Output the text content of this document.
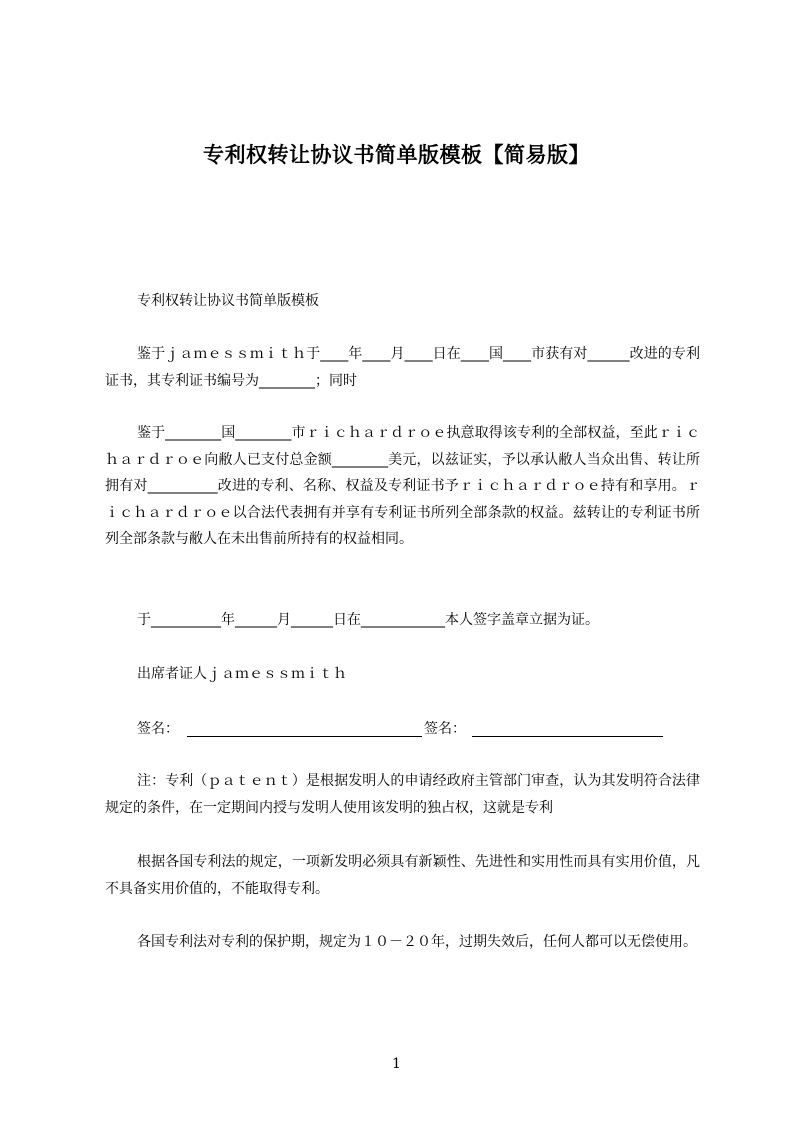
专利权转让协议书简单版模板【简易版】
专利权转让协议书简单版模板
鉴于ｊａｍｅｓｓｍｉｔｈ于____年____月____日在____国____市获有对______改进的专利证书，其专利证书编号为________；同时
鉴于________国________市ｒｉｃｈａｒｄｒｏｅ执意取得该专利的全部权益，至此ｒｉｃｈａｒｄｒｏｅ向敝人已支付总金额________美元，以兹证实，予以承认敝人当众出售、转让所拥有对__________改进的专利、名称、权益及专利证书予ｒｉｃｈａｒｄｒｏｅ持有和享用。ｒｉｃｈａｒｄｒｏｅ以合法代表拥有并享有专利证书所列全部条款的权益。兹转让的专利证书所列全部条款与敝人在未出售前所持有的权益相同。
于__________年______月______日在____________本人签字盖章立据为证。
出席者证人ｊａｍｅｓｓｍｉｔｈ
签名：	签名：
注：专利（ｐａｔｅｎｔ）是根据发明人的申请经政府主管部门审查，认为其发明符合法律规定的条件，在一定期间内授与发明人使用该发明的独占权，这就是专利
根据各国专利法的规定，一项新发明必须具有新颖性、先进性和实用性而具有实用价值，凡不具备实用价值的，不能取得专利。
各国专利法对专利的保护期，规定为１０－２０年，过期失效后，任何人都可以无偿使用。
1
